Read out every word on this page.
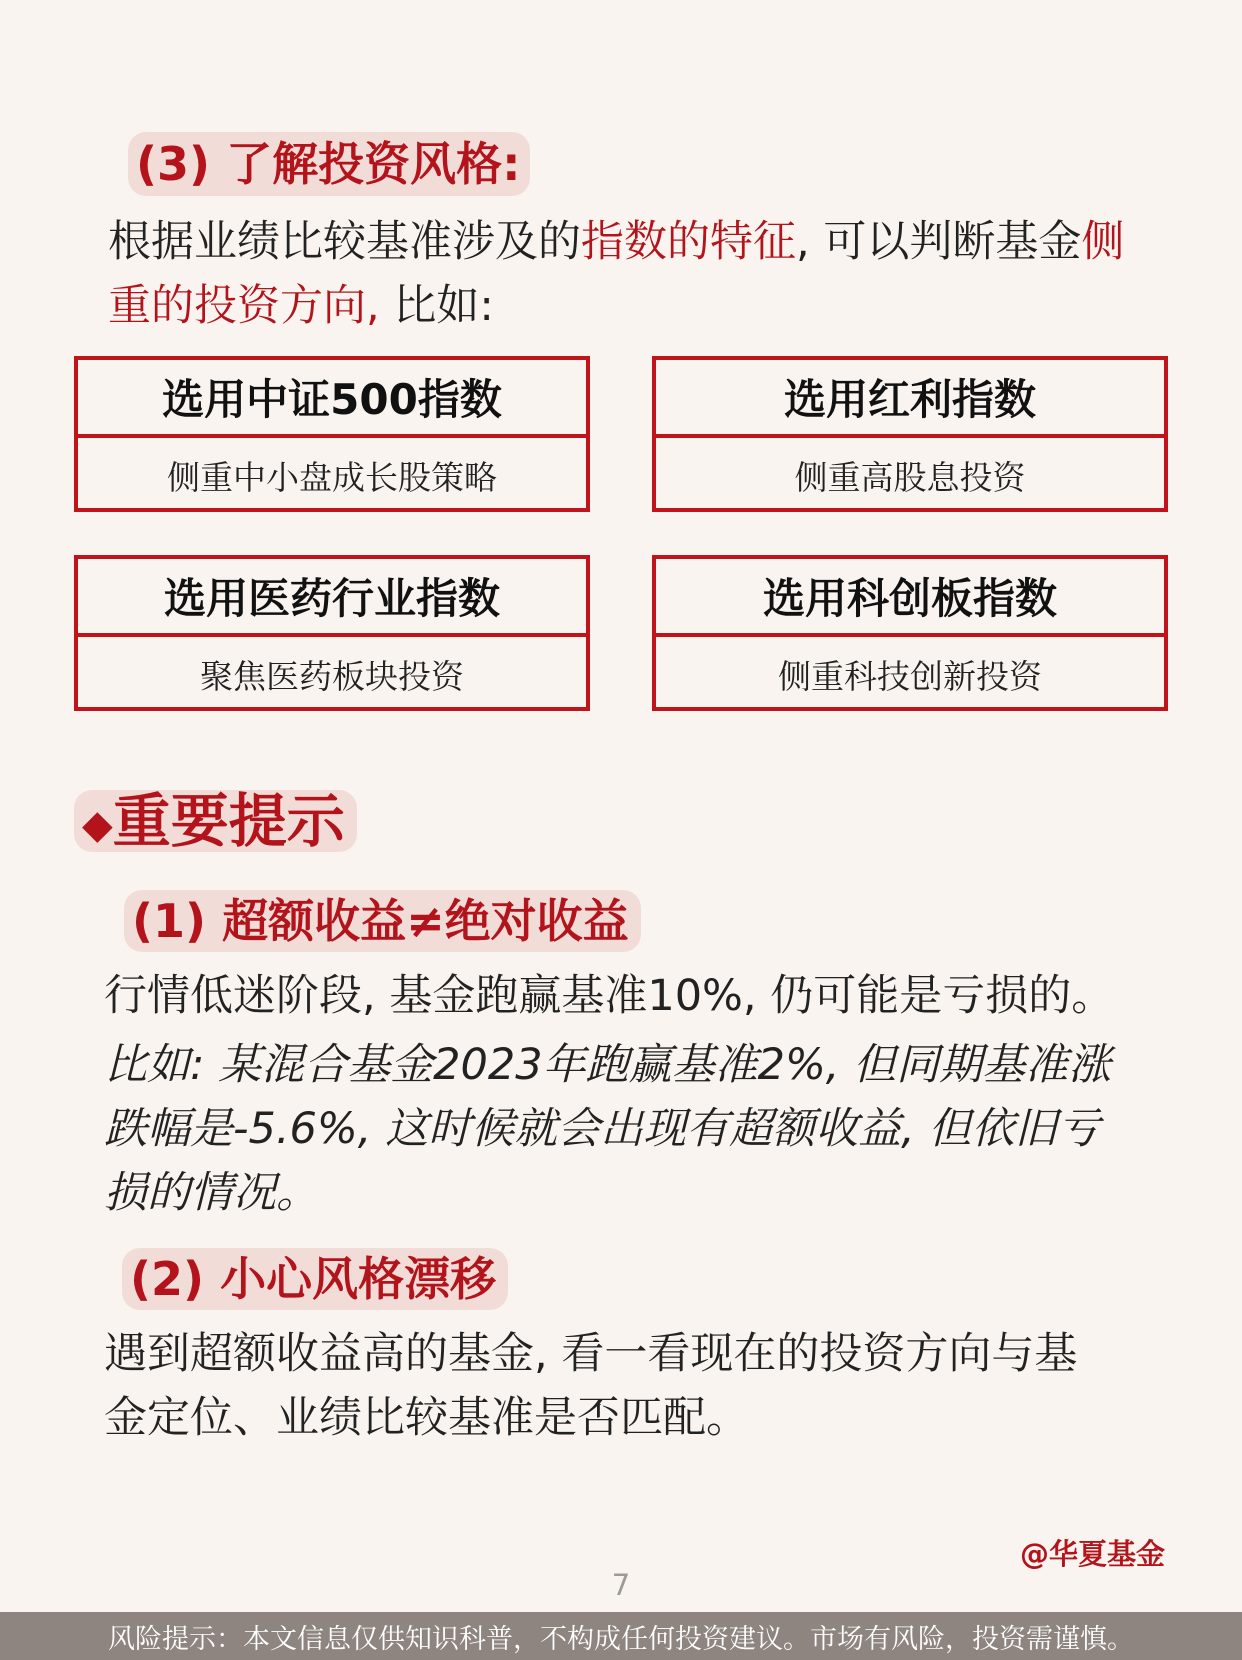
(3) 了解投资风格:
根据业绩比较基准涉及的指数的特征, 可以判断基金侧
重的投资方向, 比如:
选用中证500指数
侧重中小盘成长股策略
选用红利指数
侧重高股息投资
选用医药行业指数
聚焦医药板块投资
选用科创板指数
侧重科技创新投资
◆重要提示
(1) 超额收益≠绝对收益
行情低迷阶段, 基金跑赢基准10%, 仍可能是亏损的。
比如: 某混合基金2023年跑赢基准2%, 但同期基准涨
跌幅是-5.6%, 这时候就会出现有超额收益, 但依旧亏
损的情况。
(2) 小心风格漂移
遇到超额收益高的基金, 看一看现在的投资方向与基
金定位、业绩比较基准是否匹配。
@华夏基金
7
风险提示：本文信息仅供知识科普，不构成任何投资建议。市场有风险，投资需谨慎。
